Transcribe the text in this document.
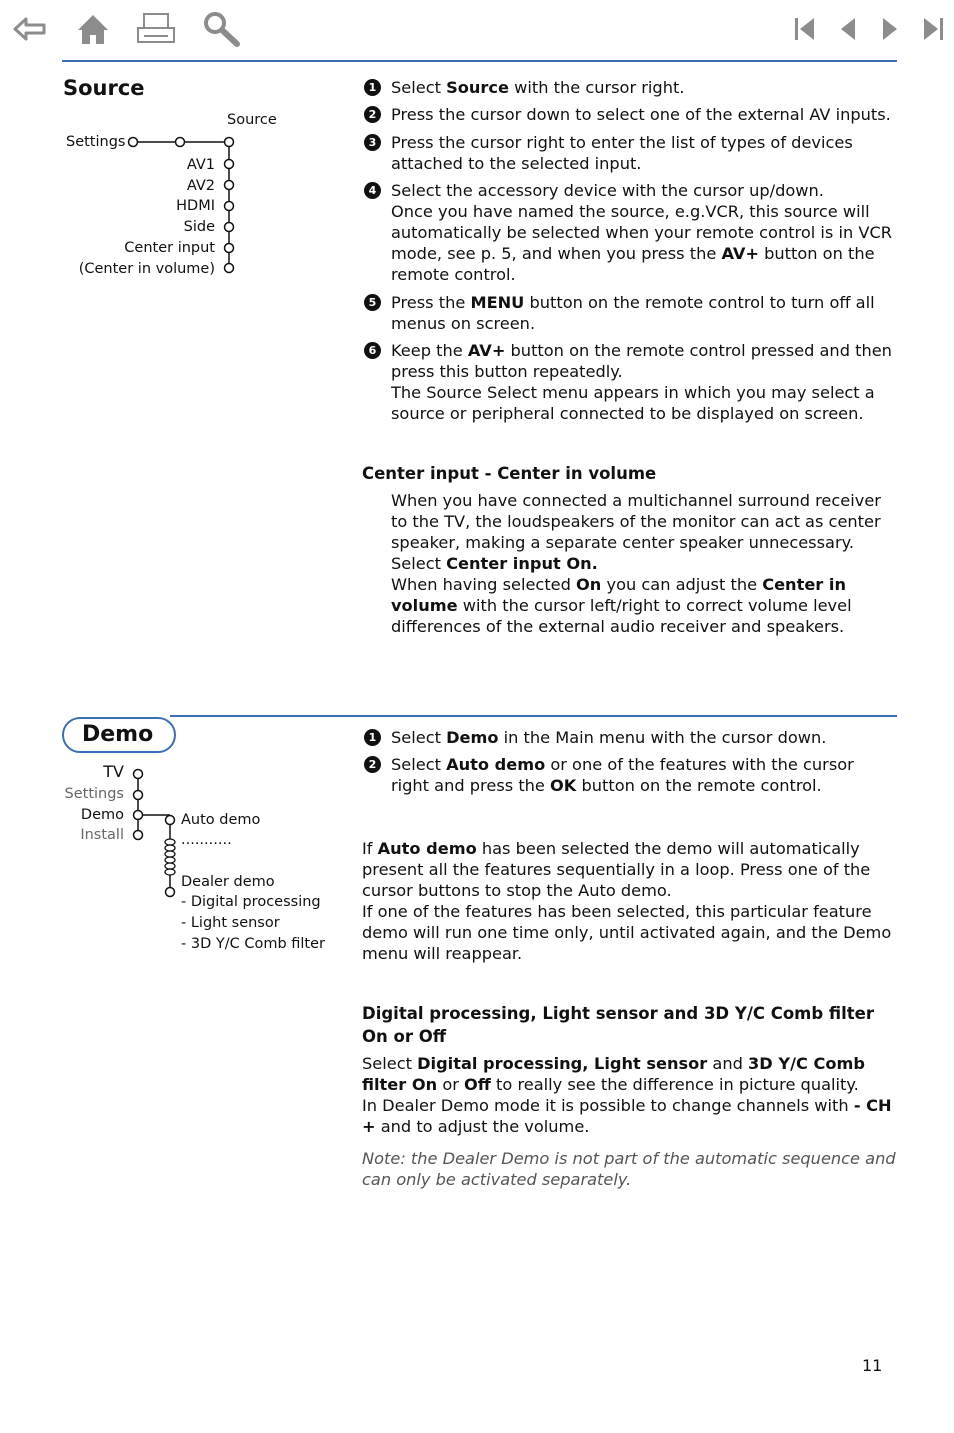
Source
Source
Settings
AV1
AV2
HDMI
Side
Center input
(Center in volume)
1 Select Source with the cursor right.
2 Press the cursor down to select one of the external AV inputs.
3 Press the cursor right to enter the list of types of devices attached to the selected input.
4 Select the accessory device with the cursor up/down.
Once you have named the source, e.g.VCR, this source will automatically be selected when your remote control is in VCR mode, see p. 5, and when you press the AV+ button on the remote control.
5 Press the MENU button on the remote control to turn off all menus on screen.
6 Keep the AV+ button on the remote control pressed and then press this button repeatedly.
The Source Select menu appears in which you may select a source or peripheral connected to be displayed on screen.
Center input - Center in volume
When you have connected a multichannel surround receiver to the TV, the loudspeakers of the monitor can act as center speaker, making a separate center speaker unnecessary.
Select Center input On.
When having selected On you can adjust the Center in volume with the cursor left/right to correct volume level differences of the external audio receiver and speakers.
Demo
TV
Settings
Demo
Install
Auto demo
...........
Dealer demo
- Digital processing
- Light sensor
- 3D Y/C Comb filter
1 Select Demo in the Main menu with the cursor down.
2 Select Auto demo or one of the features with the cursor right and press the OK button on the remote control.
If Auto demo has been selected the demo will automatically present all the features sequentially in a loop. Press one of the cursor buttons to stop the Auto demo.
If one of the features has been selected, this particular feature demo will run one time only, until activated again, and the Demo menu will reappear.
Digital processing, Light sensor and 3D Y/C Comb filter On or Off
Select Digital processing, Light sensor and 3D Y/C Comb filter On or Off to really see the difference in picture quality.
In Dealer Demo mode it is possible to change channels with - CH + and to adjust the volume.
Note: the Dealer Demo is not part of the automatic sequence and can only be activated separately.
11
